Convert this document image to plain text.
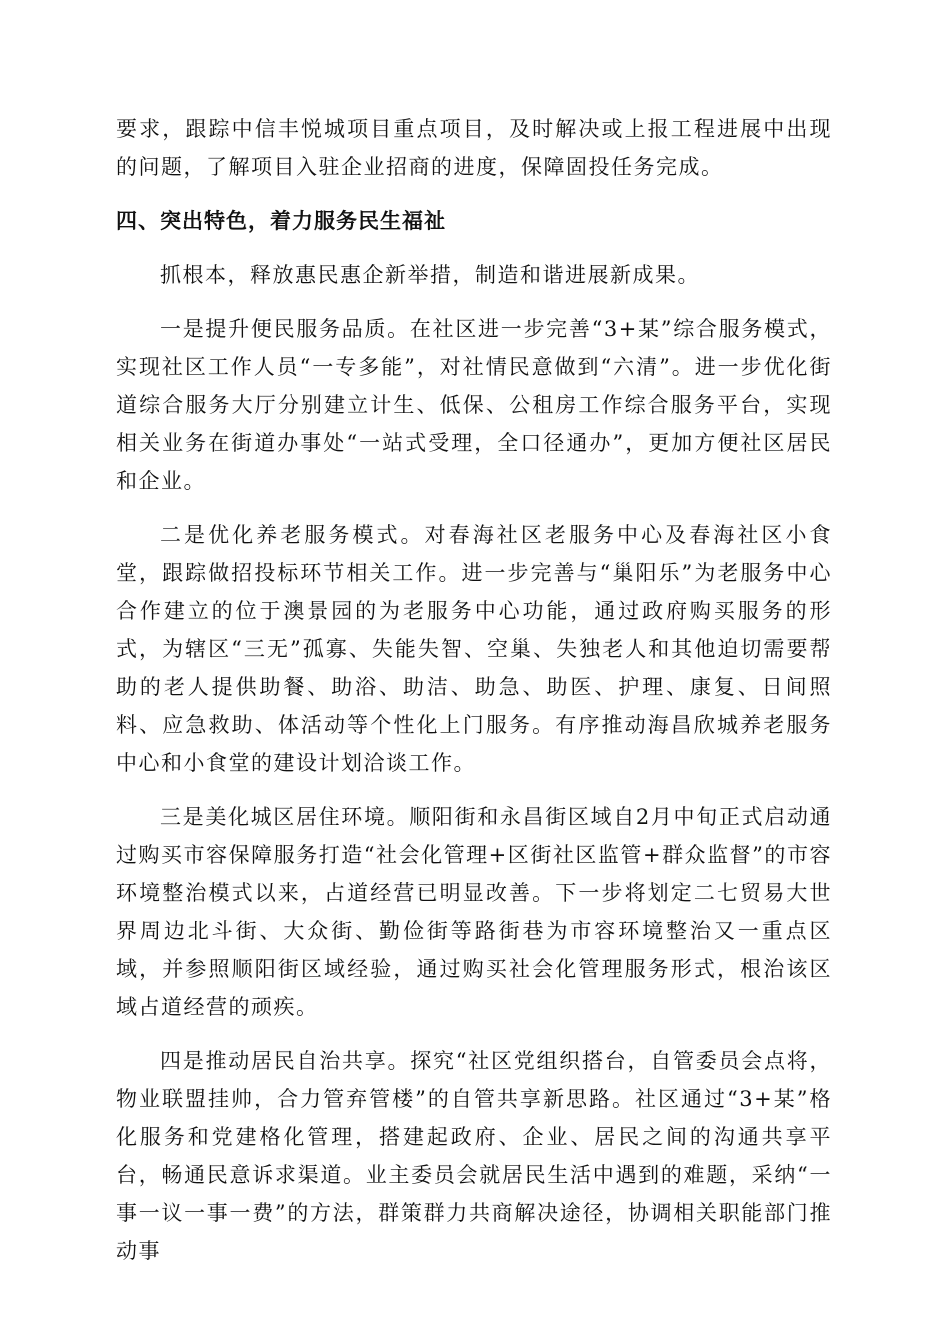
要求，跟踪中信丰悦城项目重点项目，及时解决或上报工程进展中出现的问题，了解项目入驻企业招商的进度，保障固投任务完成。

四、突出特色，着力服务民生福祉

抓根本，释放惠民惠企新举措，制造和谐进展新成果。

一是提升便民服务品质。在社区进一步完善“3+某”综合服务模式，实现社区工作人员“一专多能”，对社情民意做到“六清”。进一步优化街道综合服务大厅分别建立计生、低保、公租房工作综合服务平台，实现相关业务在街道办事处“一站式受理，全口径通办”，更加方便社区居民和企业。

二是优化养老服务模式。对春海社区老服务中心及春海社区小食堂，跟踪做招投标环节相关工作。进一步完善与“巢阳乐”为老服务中心合作建立的位于澳景园的为老服务中心功能，通过政府购买服务的形式，为辖区“三无”孤寡、失能失智、空巢、失独老人和其他迫切需要帮助的老人提供助餐、助浴、助洁、助急、助医、护理、康复、日间照料、应急救助、体活动等个性化上门服务。有序推动海昌欣城养老服务中心和小食堂的建设计划洽谈工作。

三是美化城区居住环境。顺阳街和永昌街区域自2月中旬正式启动通过购买市容保障服务打造“社会化管理+区街社区监管+群众监督”的市容环境整治模式以来，占道经营已明显改善。下一步将划定二七贸易大世界周边北斗街、大众街、勤俭街等路街巷为市容环境整治又一重点区域，并参照顺阳街区域经验，通过购买社会化管理服务形式，根治该区域占道经营的顽疾。

四是推动居民自治共享。探究“社区党组织搭台，自管委员会点将，物业联盟挂帅，合力管弃管楼”的自管共享新思路。社区通过“3+某”格化服务和党建格化管理，搭建起政府、企业、居民之间的沟通共享平台，畅通民意诉求渠道。业主委员会就居民生活中遇到的难题，采纳“一事一议一事一费”的方法，群策群力共商解决途径，协调相关职能部门推动事
